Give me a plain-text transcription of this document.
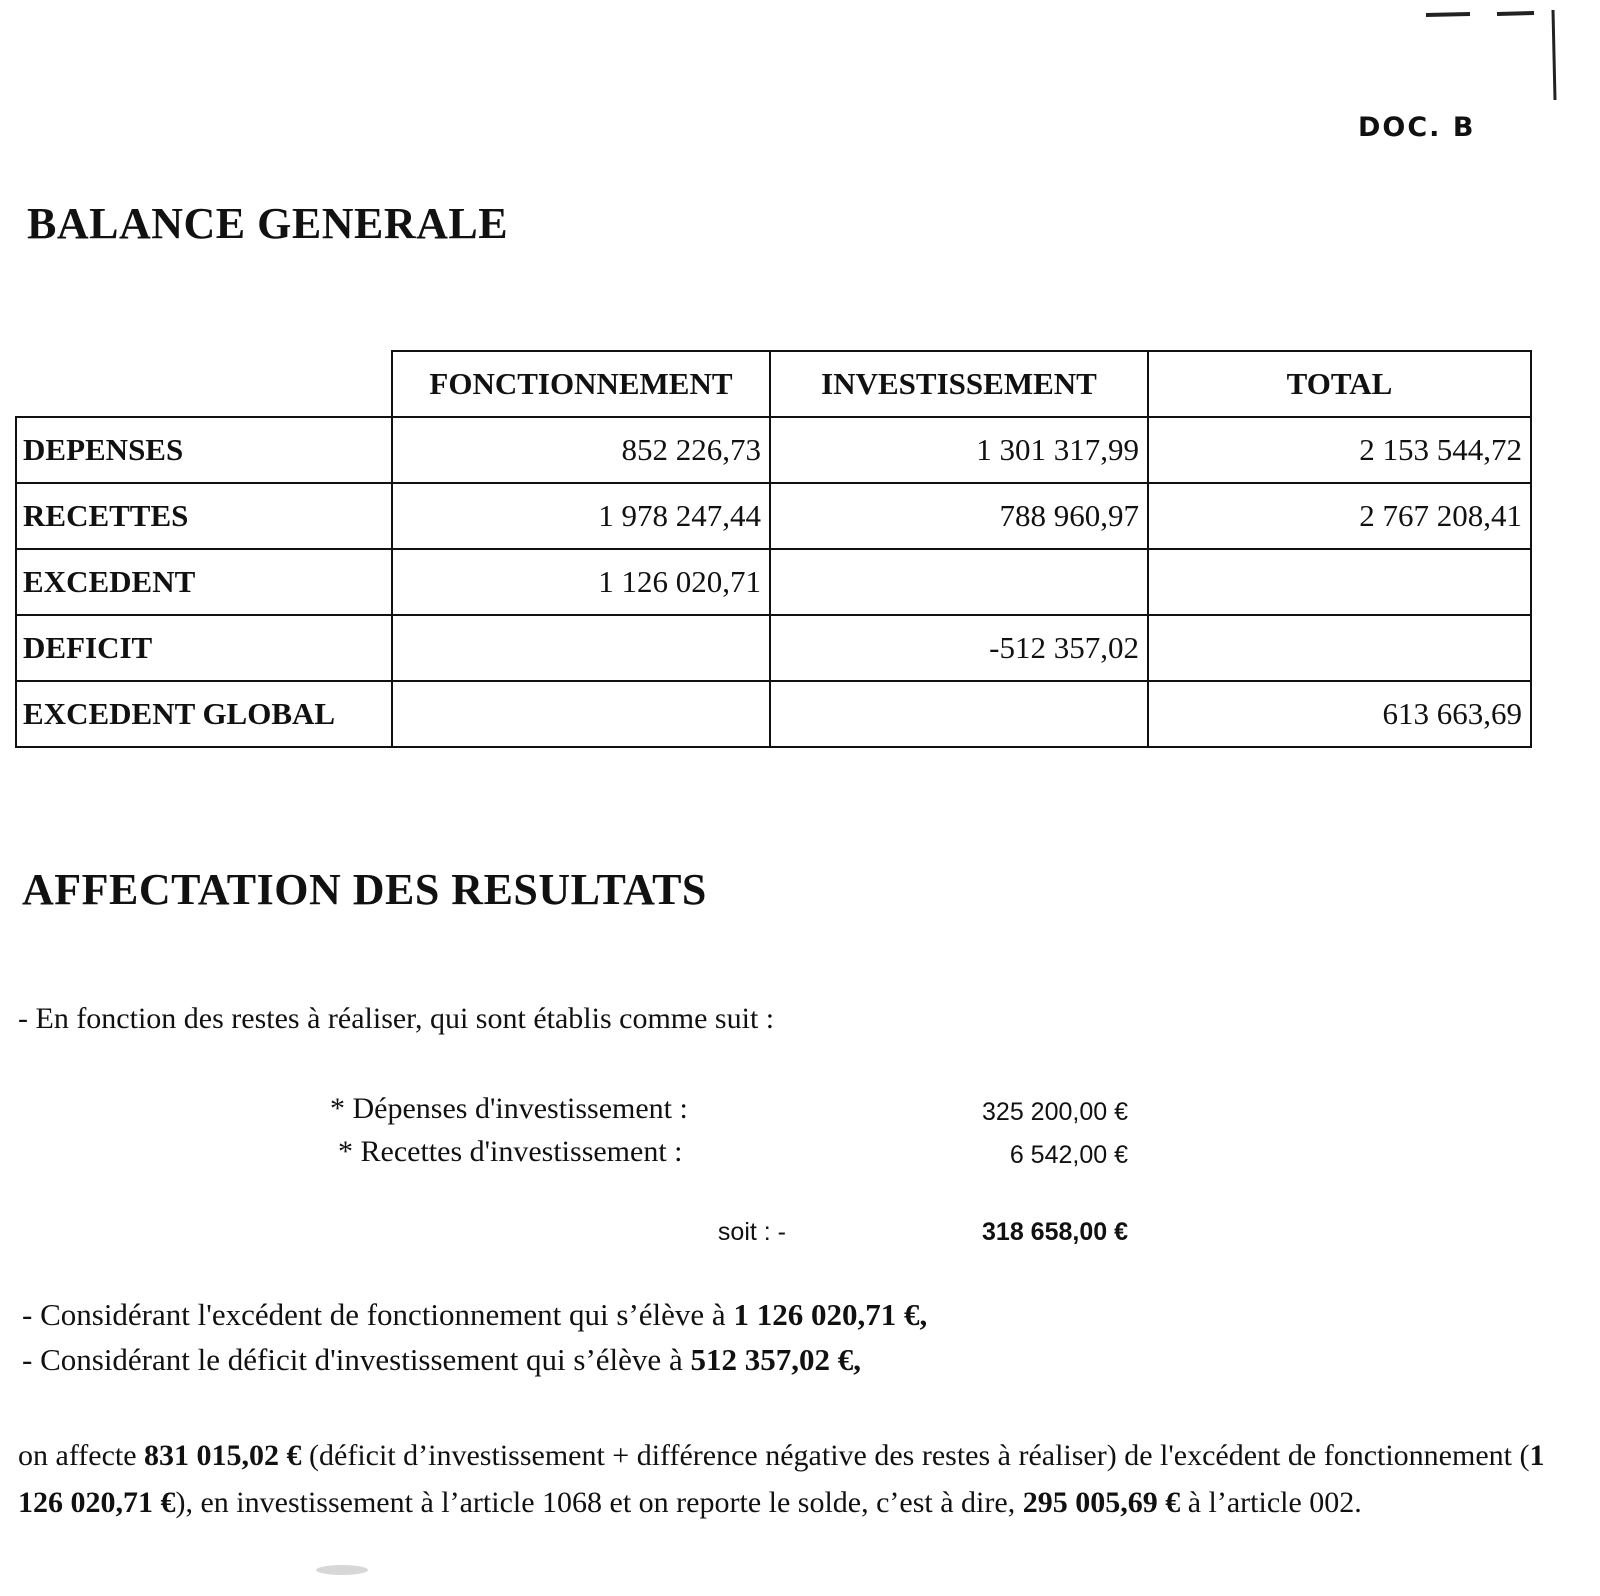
DOC. B
BALANCE GENERALE
	FONCTIONNEMENT	INVESTISSEMENT	TOTAL
DEPENSES	852 226,73	1 301 317,99	2 153 544,72
RECETTES	1 978 247,44	788 960,97	2 767 208,41
EXCEDENT	1 126 020,71		
DEFICIT		-512 357,02	
EXCEDENT GLOBAL			613 663,69
AFFECTATION DES RESULTATS
- En fonction des restes à réaliser, qui sont établis comme suit :
* Dépenses d'investissement :	325 200,00 €
* Recettes d'investissement :	6 542,00 €
soit : -	318 658,00 €
- Considérant l'excédent de fonctionnement qui s’élève à 1 126 020,71 €,
- Considérant le déficit d'investissement qui s’élève à 512 357,02 €,
on affecte 831 015,02 € (déficit d’investissement + différence négative des restes à réaliser) de l'excédent de fonctionnement (1 126 020,71 €), en investissement à l’article 1068 et on reporte le solde, c’est à dire, 295 005,69 € à l’article 002.
